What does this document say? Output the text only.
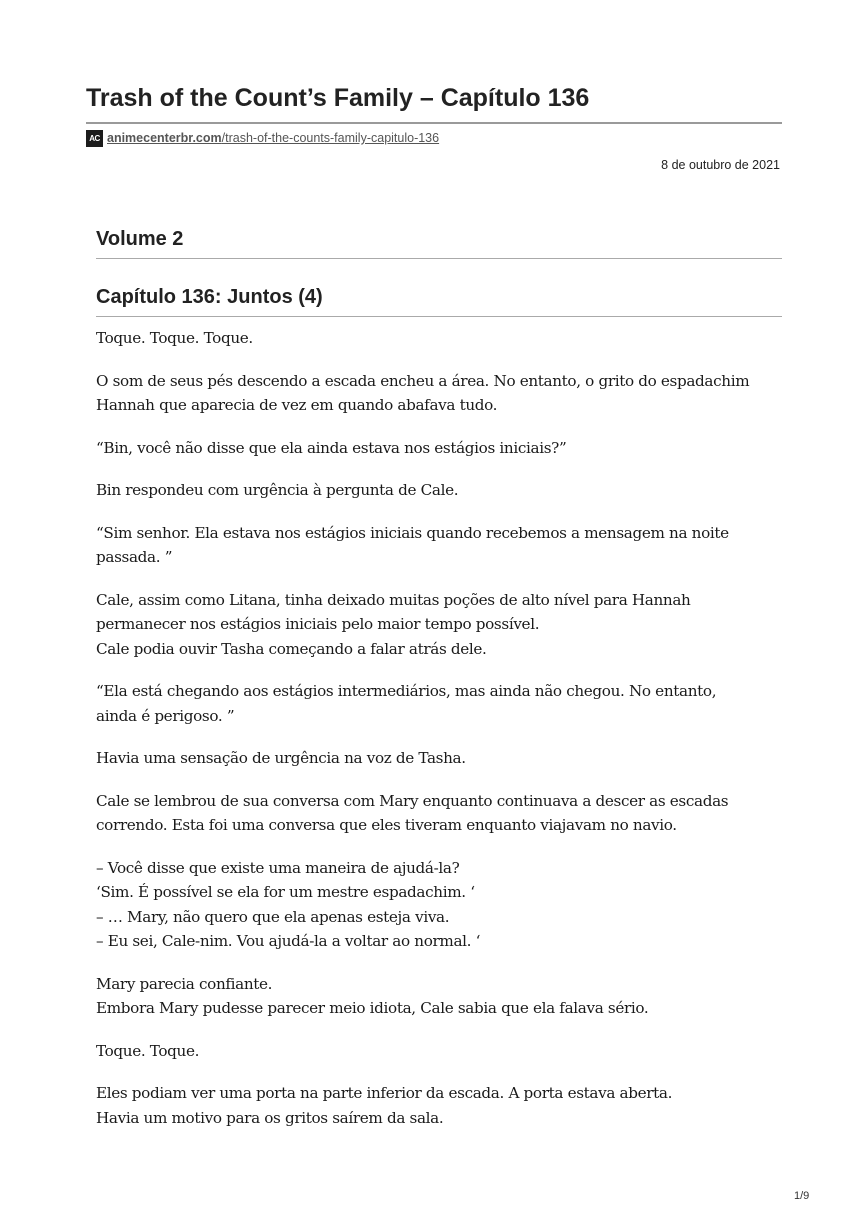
Trash of the Count’s Family – Capítulo 136
AC animecenterbr.com/trash-of-the-counts-family-capitulo-136
8 de outubro de 2021
Volume 2
Capítulo 136: Juntos (4)

Toque. Toque. Toque.

O som de seus pés descendo a escada encheu a área. No entanto, o grito do espadachim
Hannah que aparecia de vez em quando abafava tudo.

“Bin, você não disse que ela ainda estava nos estágios iniciais?”

Bin respondeu com urgência à pergunta de Cale.

“Sim senhor. Ela estava nos estágios iniciais quando recebemos a mensagem na noite
passada. ”

Cale, assim como Litana, tinha deixado muitas poções de alto nível para Hannah
permanecer nos estágios iniciais pelo maior tempo possível.
Cale podia ouvir Tasha começando a falar atrás dele.

“Ela está chegando aos estágios intermediários, mas ainda não chegou. No entanto,
ainda é perigoso. ”

Havia uma sensação de urgência na voz de Tasha.

Cale se lembrou de sua conversa com Mary enquanto continuava a descer as escadas
correndo. Esta foi uma conversa que eles tiveram enquanto viajavam no navio.

– Você disse que existe uma maneira de ajudá-la?
‘Sim. É possível se ela for um mestre espadachim. ‘
– … Mary, não quero que ela apenas esteja viva.
– Eu sei, Cale-nim. Vou ajudá-la a voltar ao normal. ‘

Mary parecia confiante.
Embora Mary pudesse parecer meio idiota, Cale sabia que ela falava sério.

Toque. Toque.

Eles podiam ver uma porta na parte inferior da escada. A porta estava aberta.
Havia um motivo para os gritos saírem da sala.

1/9
